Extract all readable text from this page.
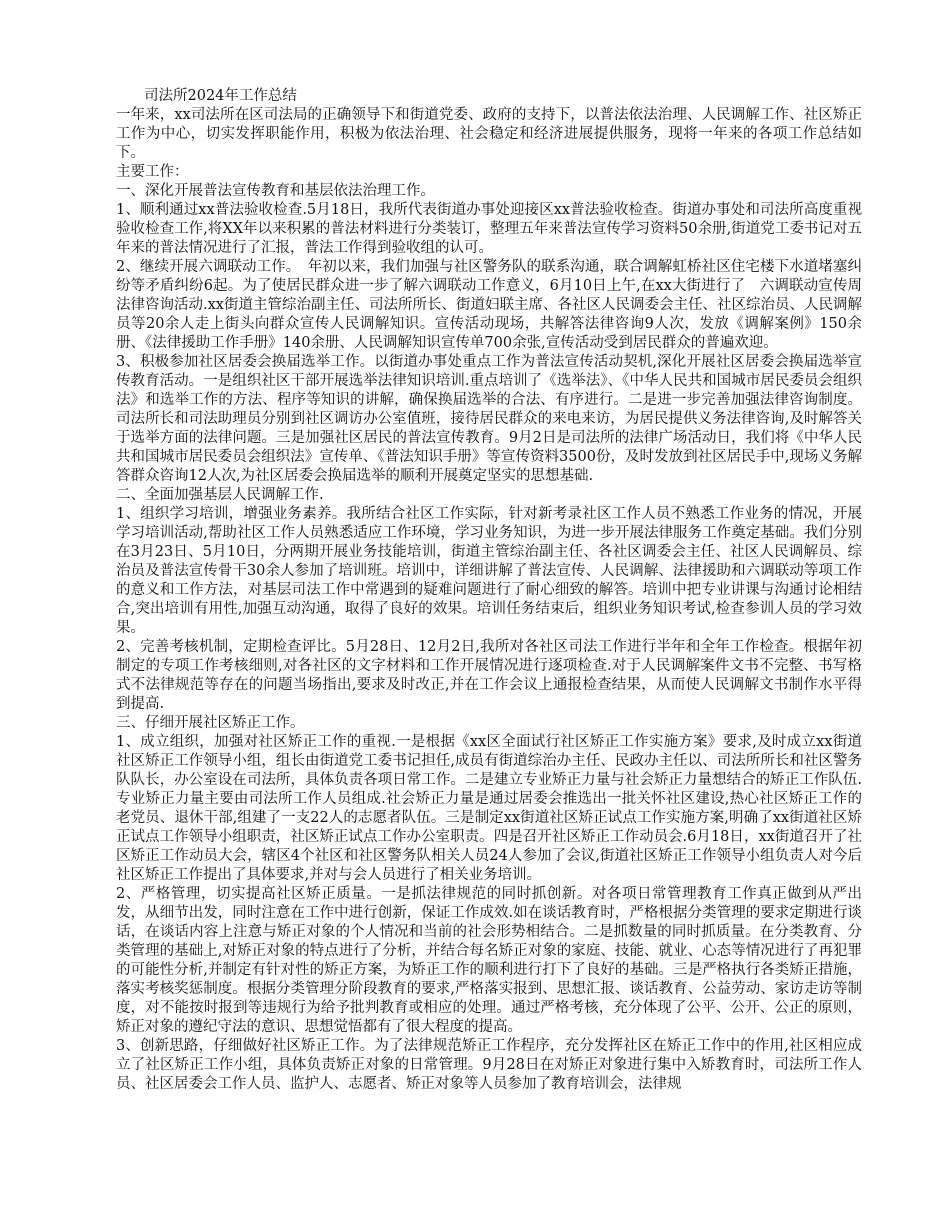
司法所2024年工作总结

一年来，xx司法所在区司法局的正确领导下和街道党委、政府的支持下，以普法依法治理、人民调解工作、社区矫正工作为中心，切实发挥职能作用，积极为依法治理、社会稳定和经济进展提供服务，现将一年来的各项工作总结如下。

主要工作：

一、深化开展普法宣传教育和基层依法治理工作。

1、顺利通过xx普法验收检查.5月18日，我所代表街道办事处迎接区xx普法验收检查。街道办事处和司法所高度重视验收检查工作,将XX年以来积累的普法材料进行分类装订，整理五年来普法宣传学习资料50余册,街道党工委书记对五年来的普法情况进行了汇报，普法工作得到验收组的认可。

2、继续开展六调联动工作。　年初以来，我们加强与社区警务队的联系沟通，联合调解虹桥社区住宅楼下水道堵塞纠纷等矛盾纠纷6起。为了使居民群众进一步了解六调联动工作意义，6月10日上午,在xx大街进行了　六调联动宣传周法律咨询活动.xx街道主管综治副主任、司法所所长、街道妇联主席、各社区人民调委会主任、社区综治员、人民调解员等20余人走上街头向群众宣传人民调解知识。宣传活动现场，共解答法律咨询9人次，发放《调解案例》150余册、《法律援助工作手册》140余册、人民调解知识宣传单700余张,宣传活动受到居民群众的普遍欢迎。

3、积极参加社区居委会换届选举工作。以街道办事处重点工作为普法宣传活动契机,深化开展社区居委会换届选举宣传教育活动。一是组织社区干部开展选举法律知识培训.重点培训了《选举法》、《中华人民共和国城市居民委员会组织法》和选举工作的方法、程序等知识的讲解，确保换届选举的合法、有序进行。二是进一步完善加强法律咨询制度。司法所长和司法助理员分别到社区调访办公室值班，接待居民群众的来电来访，为居民提供义务法律咨询,及时解答关于选举方面的法律问题。三是加强社区居民的普法宣传教育。9月2日是司法所的法律广场活动日，我们将《中华人民共和国城市居民委员会组织法》宣传单、《普法知识手册》等宣传资料3500份，及时发放到社区居民手中,现场义务解答群众咨询12人次,为社区居委会换届选举的顺利开展奠定坚实的思想基础.

二、全面加强基层人民调解工作.

1、组织学习培训，增强业务素养。我所结合社区工作实际，针对新考录社区工作人员不熟悉工作业务的情况，开展学习培训活动,帮助社区工作人员熟悉适应工作环境，学习业务知识，为进一步开展法律服务工作奠定基础。我们分别在3月23日、5月10日，分两期开展业务技能培训，街道主管综治副主任、各社区调委会主任、社区人民调解员、综治员及普法宣传骨干30余人参加了培训班。培训中，详细讲解了普法宣传、人民调解、法律援助和六调联动等项工作的意义和工作方法，对基层司法工作中常遇到的疑难问题进行了耐心细致的解答。培训中把专业讲课与沟通讨论相结合,突出培训有用性,加强互动沟通，取得了良好的效果。培训任务结束后，组织业务知识考试,检查参训人员的学习效果。

2、完善考核机制，定期检查评比。5月28日、12月2日,我所对各社区司法工作进行半年和全年工作检查。根据年初制定的专项工作考核细则,对各社区的文字材料和工作开展情况进行逐项检查.对于人民调解案件文书不完整、书写格式不法律规范等存在的问题当场指出,要求及时改正,并在工作会议上通报检查结果，从而使人民调解文书制作水平得到提高.

三、仔细开展社区矫正工作。

1、成立组织，加强对社区矫正工作的重视.一是根据《xx区全面试行社区矫正工作实施方案》要求,及时成立xx街道社区矫正工作领导小组，组长由街道党工委书记担任,成员有街道综治办主任、民政办主任以、司法所所长和社区警务队队长，办公室设在司法所，具体负责各项日常工作。二是建立专业矫正力量与社会矫正力量想结合的矫正工作队伍.专业矫正力量主要由司法所工作人员组成.社会矫正力量是通过居委会推选出一批关怀社区建设,热心社区矫正工作的老党员、退休干部,组建了一支22人的志愿者队伍。三是制定xx街道社区矫正试点工作实施方案,明确了xx街道社区矫正试点工作领导小组职责，社区矫正试点工作办公室职责。四是召开社区矫正工作动员会.6月18日，xx街道召开了社区矫正工作动员大会，辖区4个社区和社区警务队相关人员24人参加了会议,街道社区矫正工作领导小组负责人对今后社区矫正工作提出了具体要求,并对与会人员进行了相关业务培训。

2、严格管理，切实提高社区矫正质量。一是抓法律规范的同时抓创新。对各项日常管理教育工作真正做到从严出发，从细节出发，同时注意在工作中进行创新，保证工作成效.如在谈话教育时，严格根据分类管理的要求定期进行谈话，在谈话内容上注意与矫正对象的个人情况和当前的社会形势相结合。二是抓数量的同时抓质量。在分类教育、分类管理的基础上,对矫正对象的特点进行了分析，并结合每名矫正对象的家庭、技能、就业、心态等情况进行了再犯罪的可能性分析,并制定有针对性的矫正方案，为矫正工作的顺利进行打下了良好的基础。三是严格执行各类矫正措施，落实考核奖惩制度。根据分类管理分阶段教育的要求,严格落实报到、思想汇报、谈话教育、公益劳动、家访走访等制度，对不能按时报到等违规行为给予批判教育或相应的处理。通过严格考核，充分体现了公平、公开、公正的原则，矫正对象的遵纪守法的意识、思想觉悟都有了很大程度的提高。

3、创新思路，仔细做好社区矫正工作。为了法律规范矫正工作程序，充分发挥社区在矫正工作中的作用,社区相应成立了社区矫正工作小组，具体负责矫正对象的日常管理。9月28日在对矫正对象进行集中入矫教育时，司法所工作人员、社区居委会工作人员、监护人、志愿者、矫正对象等人员参加了教育培训会，法律规
